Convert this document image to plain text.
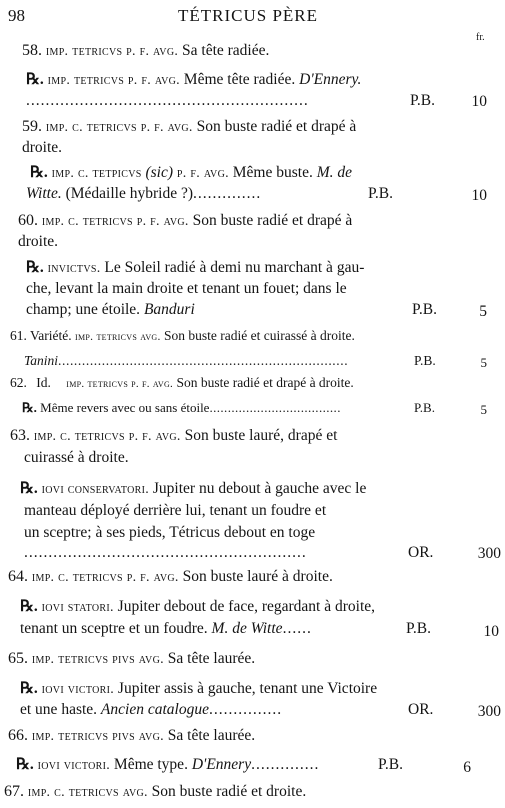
98	TÉTRICUS PÈRE
fr.
58. imp. tetricvs p. f. avg. Sa tête radiée.
℞. imp. tetricvs p. f. avg. Même tête radiée. D'Ennery.
..........................................................	P.B. 10
59. imp. c. tetricvs p. f. avg. Son buste radié et drapé à
droite.
℞. imp. c. tetpicvs (sic) p. f. avg. Même buste. M. de
Witte. (Médaille hybride ?)..............	P.B.	10
60. imp. c. tetricvs p. f. avg. Son buste radié et drapé à
droite.
℞. invictvs. Le Soleil radié à demi nu marchant à gau-
che, levant la main droite et tenant un fouet; dans le
champ; une étoile. Banduri	P.B.	5
61. Variété. imp. tetricvs avg. Son buste radié et cuirassé à droite.
Tanini.........................................................................	P.B.	5
62. Id. imp. tetricvs p. f. avg. Son buste radié et drapé à droite.
℞. Même revers avec ou sans étoile....................................	P.B.	5
63. imp. c. tetricvs p. f. avg. Son buste lauré, drapé et
cuirassé à droite.
℞. iovi conservatori. Jupiter nu debout à gauche avec le
manteau déployé derrière lui, tenant un foudre et
un sceptre; à ses pieds, Tétricus debout en toge
..........................................................	OR.	300
64. imp. c. tetricvs p. f. avg. Son buste lauré à droite.
℞. iovi statori. Jupiter debout de face, regardant à droite,
tenant un sceptre et un foudre. M. de Witte......	P.B.	10
65. imp. tetricvs pivs avg. Sa tête laurée.
℞. iovi victori. Jupiter assis à gauche, tenant une Victoire
et une haste. Ancien catalogue...............	OR.	300
66. imp. tetricvs pivs avg. Sa tête laurée.
℞. iovi victori. Même type. D'Ennery..............	P.B.	6
67. imp. c. tetricvs avg. Son buste radié et droite.
